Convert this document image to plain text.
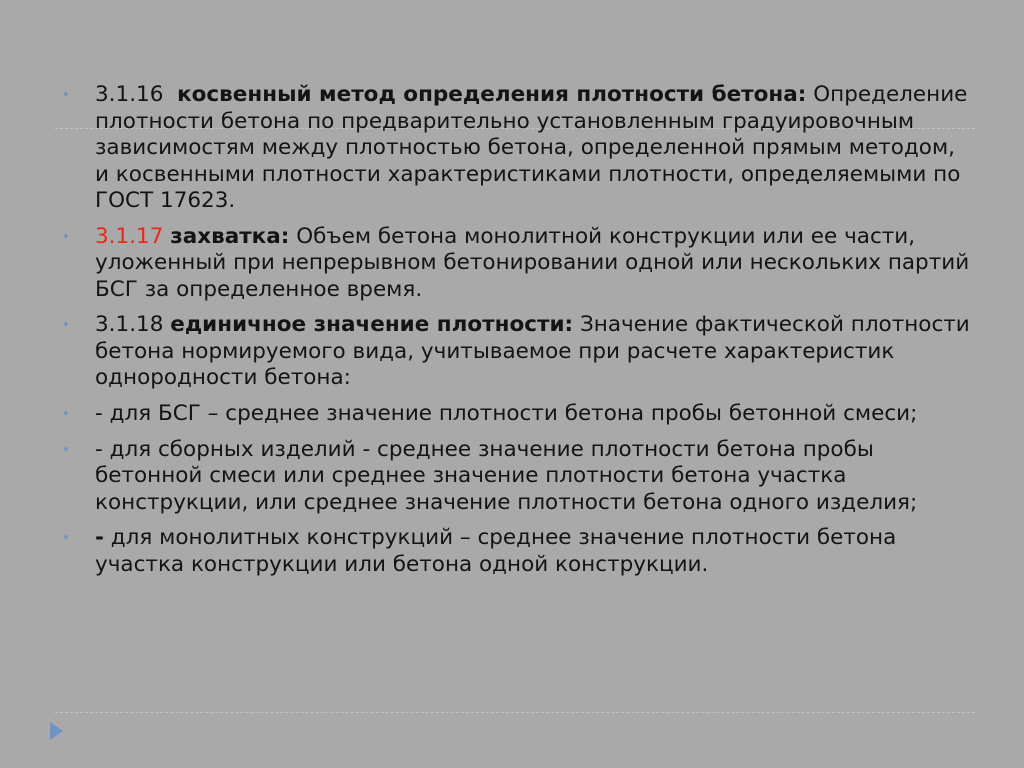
•	3.1.16 косвенный метод определения плотности бетона: Определение плотности бетона по предварительно установленным градуировочным зависимостям между плотностью бетона, определенной прямым методом, и косвенными плотности характеристиками плотности, определяемыми по ГОСТ 17623.
•	3.1.17 захватка: Объем бетона монолитной конструкции или ее части, уложенный при непрерывном бетонировании одной или нескольких партий БСГ за определенное время.
•	3.1.18 единичное значение плотности: Значение фактической плотности бетона нормируемого вида, учитываемое при расчете характеристик однородности бетона:
•	- для БСГ – среднее значение плотности бетона пробы бетонной смеси;
•	- для сборных изделий - среднее значение плотности бетона пробы бетонной смеси или среднее значение плотности бетона участка конструкции, или среднее значение плотности бетона одного изделия;
•	- для монолитных конструкций – среднее значение плотности бетона участка конструкции или бетона одной конструкции.
